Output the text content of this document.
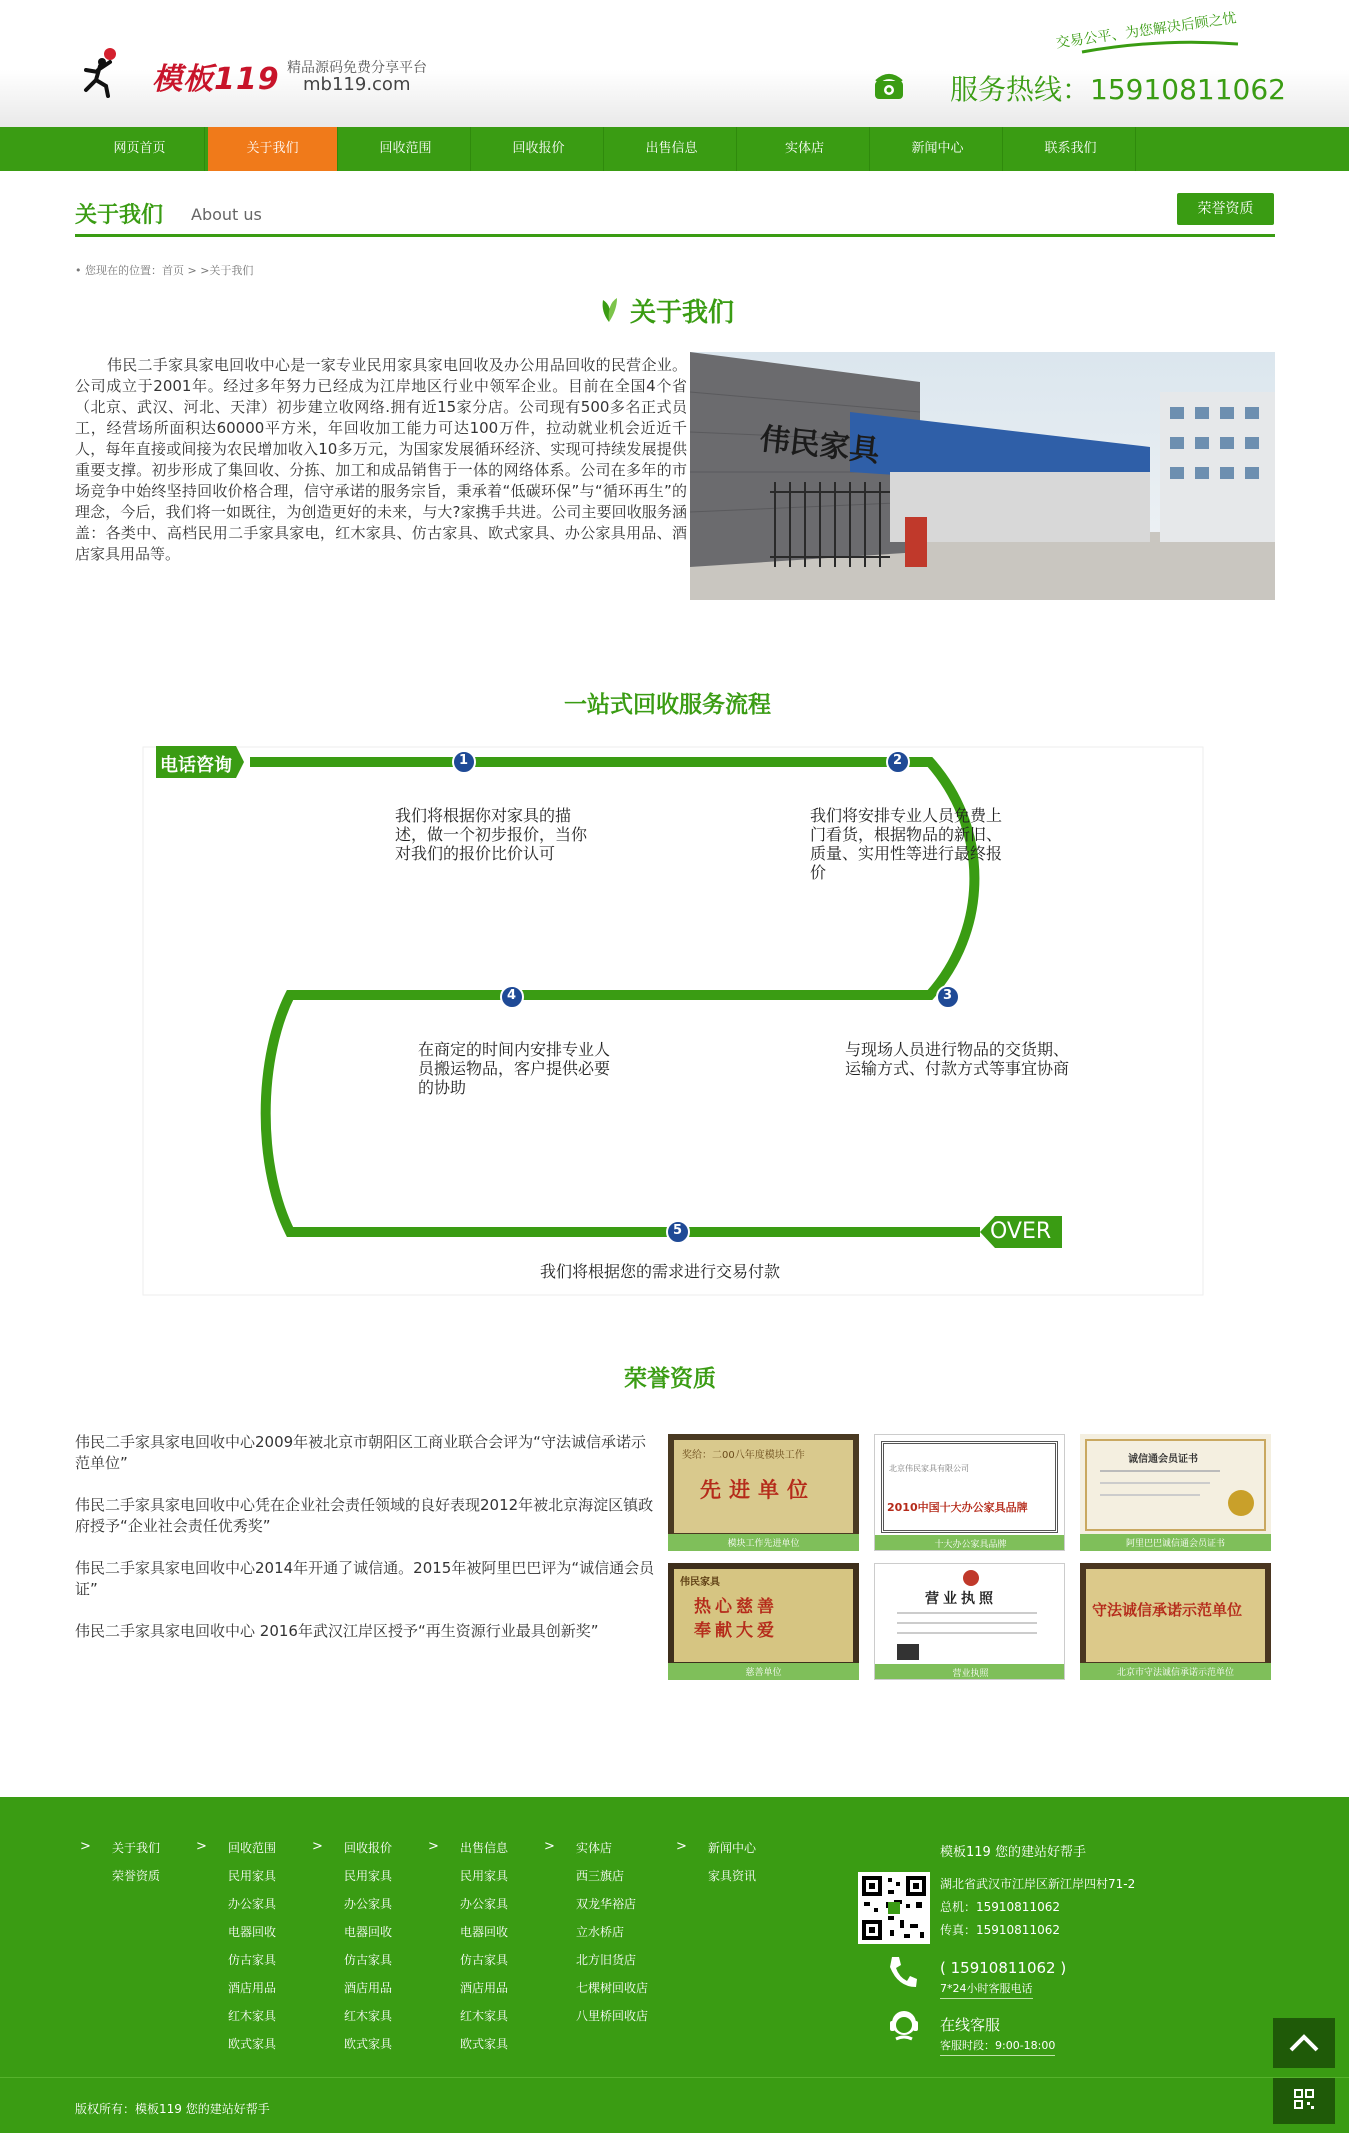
模板119 精品源码免费分享平台
mb119.com
交易公平、为您解决后顾之忧
服务热线：15910811062
网页首页	关于我们	回收范围	回收报价	出售信息	实体店	新闻中心	联系我们
关于我们 About us	荣誉资质
• 您现在的位置：首页 > >关于我们
关于我们
伟民二手家具家电回收中心是一家专业民用家具家电回收及办公用品回收的民营企业。公司成立于2001年。经过多年努力已经成为江岸地区行业中领军企业。目前在全国4个省（北京、武汉、河北、天津）初步建立收网络.拥有近15家分店。公司现有500多名正式员工，经营场所面积达60000平方米，年回收加工能力可达100万件，拉动就业机会近近千人，每年直接或间接为农民增加收入10多万元，为国家发展循环经济、实现可持续发展提供重要支撑。初步形成了集回收、分拣、加工和成品销售于一体的网络体系。公司在多年的市场竞争中始终坚持回收价格合理，信守承诺的服务宗旨，秉承着“低碳环保”与“循环再生”的理念，今后，我们将一如既往，为创造更好的未来，与大?家携手共进。公司主要回收服务涵盖：各类中、高档民用二手家具家电，红木家具、仿古家具、欧式家具、办公家具用品、酒店家具用品等。
伟民家具
一站式回收服务流程
电话咨询
OVER
1	2
3
4
5
我们将根据你对家具的描述，做一个初步报价，当你对我们的报价比价认可
我们将安排专业人员免费上门看货，根据物品的新旧、质量、实用性等进行最终报价
与现场人员进行物品的交货期、运输方式、付款方式等事宜协商
在商定的时间内安排专业人员搬运物品，客户提供必要的协助
我们将根据您的需求进行交易付款
荣誉资质
伟民二手家具家电回收中心2009年被北京市朝阳区工商业联合会评为“守法诚信承诺示范单位”
伟民二手家具家电回收中心凭在企业社会责任领域的良好表现2012年被北京海淀区镇政府授予“企业社会责任优秀奖”
伟民二手家具家电回收中心2014年开通了诚信通。2015年被阿里巴巴评为“诚信通会员证”
伟民二手家具家电回收中心 2016年武汉江岸区授予“再生资源行业最具创新奖”
奖给：二00八年度模块工作
先进单位
模块工作先进单位
北京伟民家具有限公司
2010中国十大办公家具品牌
十大办公家具品牌
诚信通会员证书
阿里巴巴诚信通会员证书
伟民家具
热心慈善 奉献大爱
慈善单位
营业执照
营业执照
守法诚信承诺示范单位
北京市守法诚信承诺示范单位
> 关于我们
荣誉资质
> 回收范围
民用家具
办公家具
电器回收
仿古家具
酒店用品
红木家具
欧式家具
> 回收报价
民用家具
办公家具
电器回收
仿古家具
酒店用品
红木家具
欧式家具
> 出售信息
民用家具
办公家具
电器回收
仿古家具
酒店用品
红木家具
欧式家具
> 实体店
西三旗店
双龙华裕店
立水桥店
北方旧货店
七棵树回收店
八里桥回收店
> 新闻中心
家具资讯
模板119 您的建站好帮手
湖北省武汉市江岸区新江岸四村71-2
总机：15910811062
传真：15910811062
( 15910811062 )
7*24小时客服电话
在线客服
客服时段：9:00-18:00
版权所有：模板119 您的建站好帮手
